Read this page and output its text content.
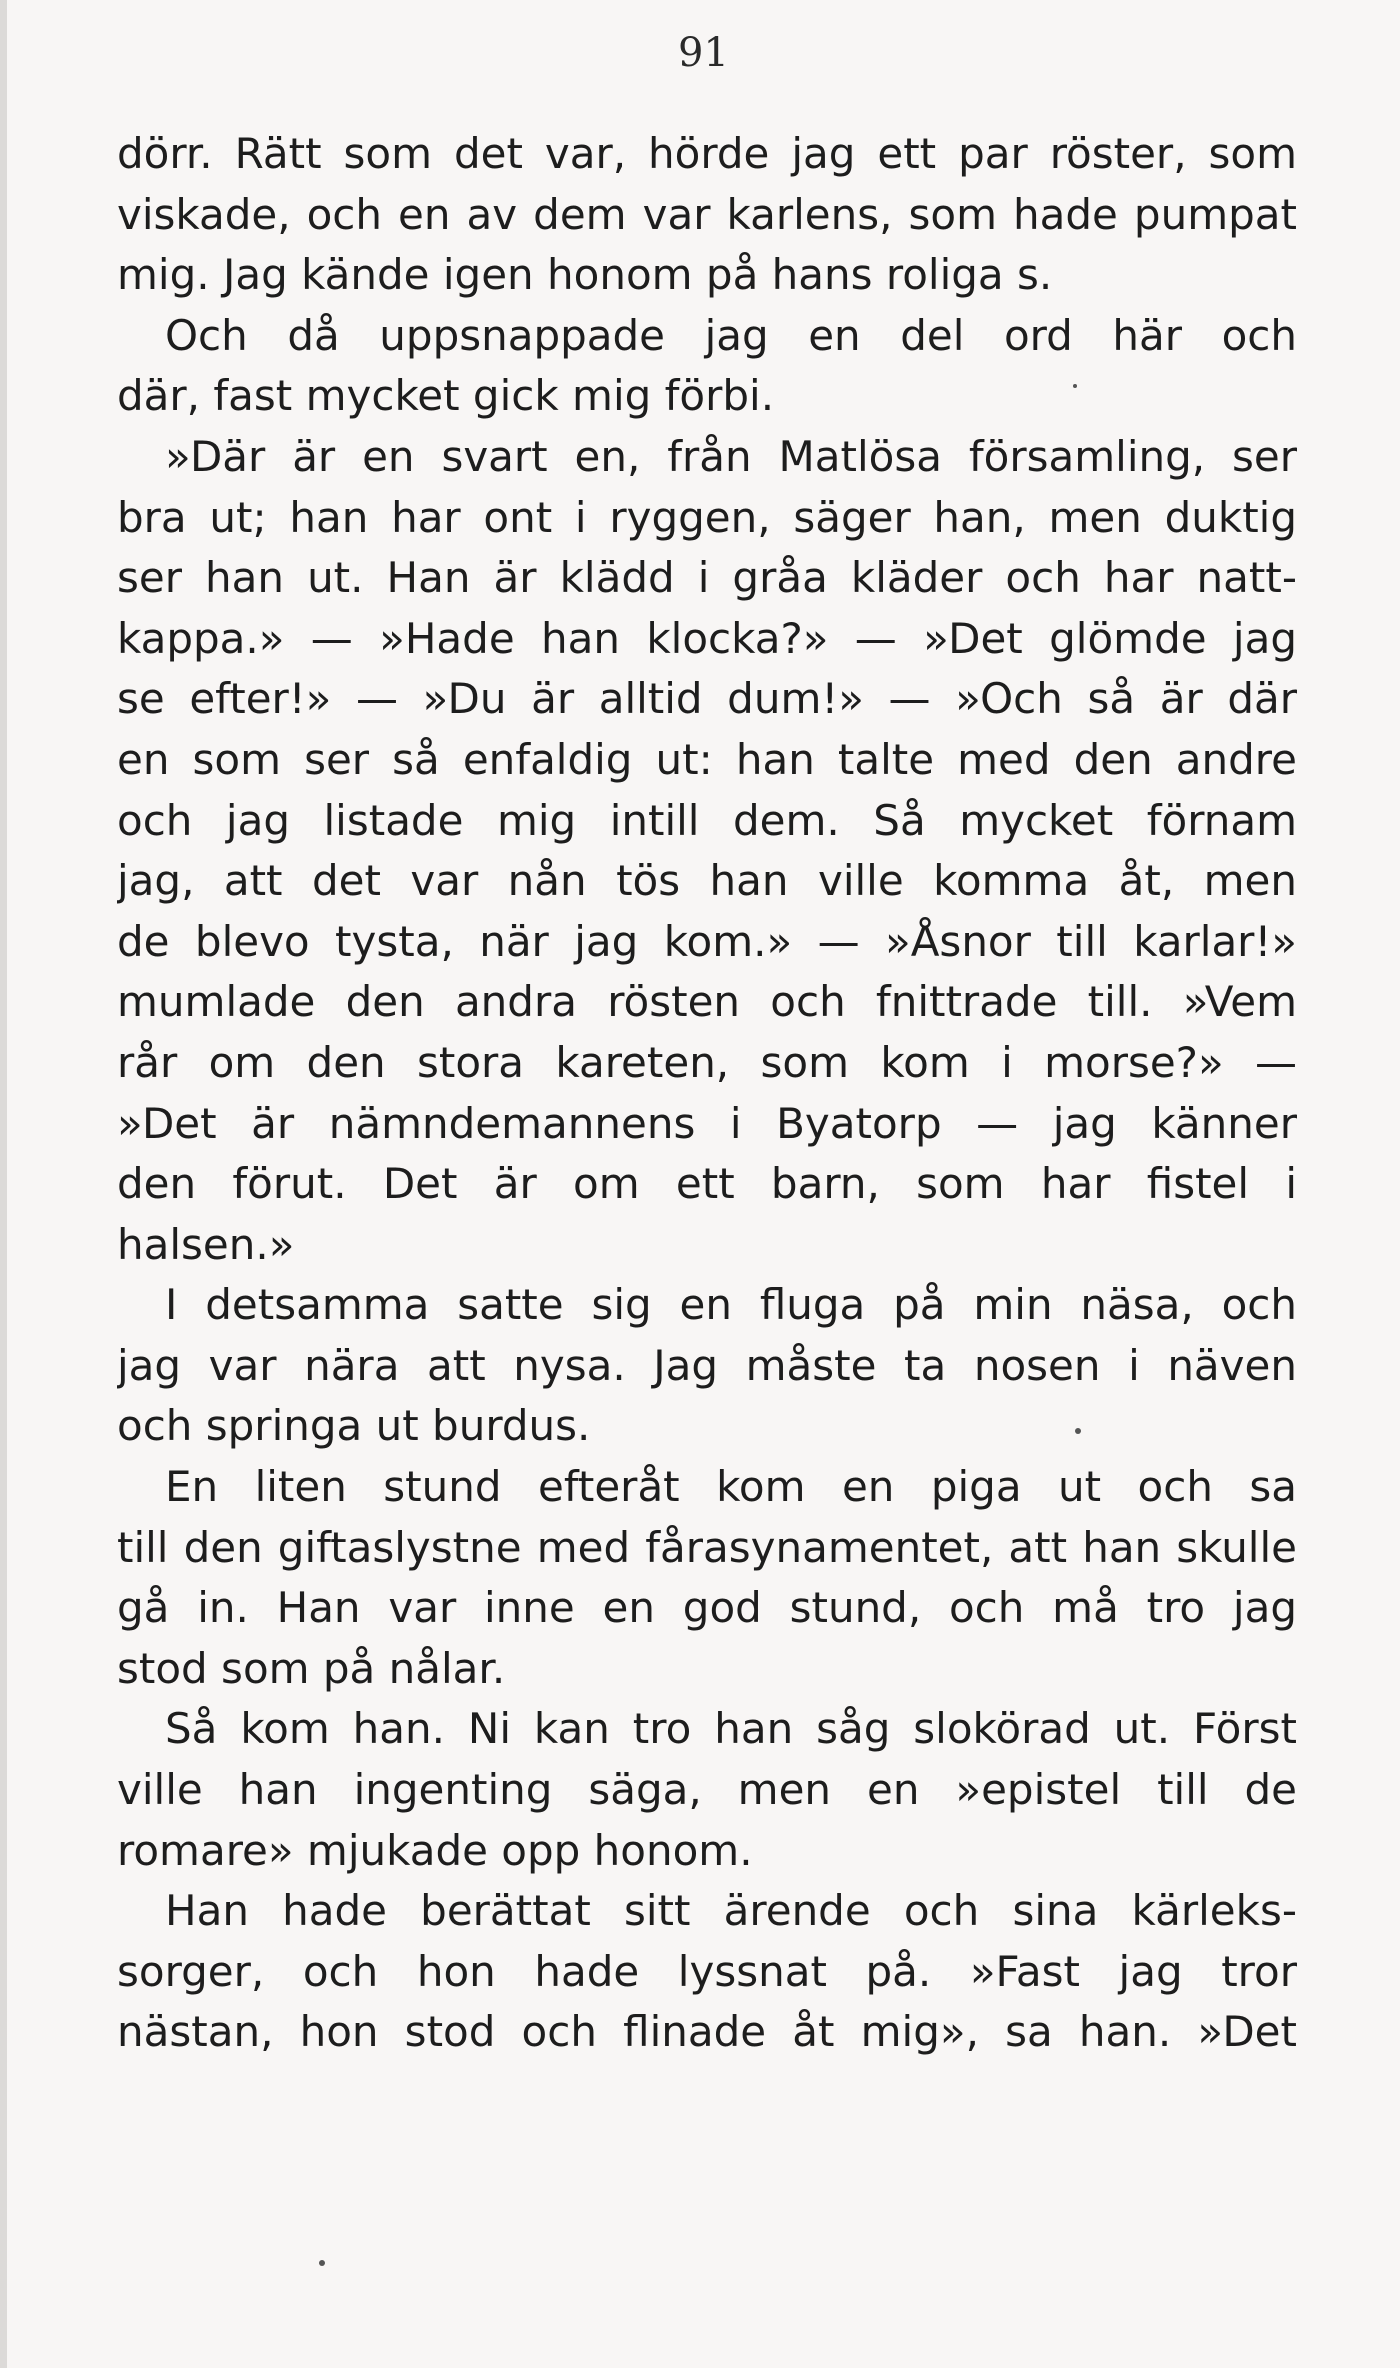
91
dörr. Rätt som det var, hörde jag ett par röster, som
viskade, och en av dem var karlens, som hade pumpat
mig. Jag kände igen honom på hans roliga s.
Och då uppsnappade jag en del ord här och
där, fast mycket gick mig förbi.
»Där är en svart en, från Matlösa församling, ser
bra ut; han har ont i ryggen, säger han, men duktig
ser han ut. Han är klädd i gråa kläder och har natt-
kappa.» — »Hade han klocka?» — »Det glömde jag
se efter!» — »Du är alltid dum!» — »Och så är där
en som ser så enfaldig ut: han talte med den andre
och jag listade mig intill dem. Så mycket förnam
jag, att det var nån tös han ville komma åt, men
de blevo tysta, när jag kom.» — »Åsnor till karlar!»
mumlade den andra rösten och fnittrade till. »Vem
rår om den stora kareten, som kom i morse?» —
»Det är nämndemannens i Byatorp — jag känner
den förut. Det är om ett barn, som har fistel i
halsen.»
I detsamma satte sig en fluga på min näsa, och
jag var nära att nysa. Jag måste ta nosen i näven
och springa ut burdus.
En liten stund efteråt kom en piga ut och sa
till den giftaslystne med fårasynamentet, att han skulle
gå in. Han var inne en god stund, och må tro jag
stod som på nålar.
Så kom han. Ni kan tro han såg slokörad ut. Först
ville han ingenting säga, men en »epistel till de
romare» mjukade opp honom.
Han hade berättat sitt ärende och sina kärleks-
sorger, och hon hade lyssnat på. »Fast jag tror
nästan, hon stod och flinade åt mig», sa han. »Det
